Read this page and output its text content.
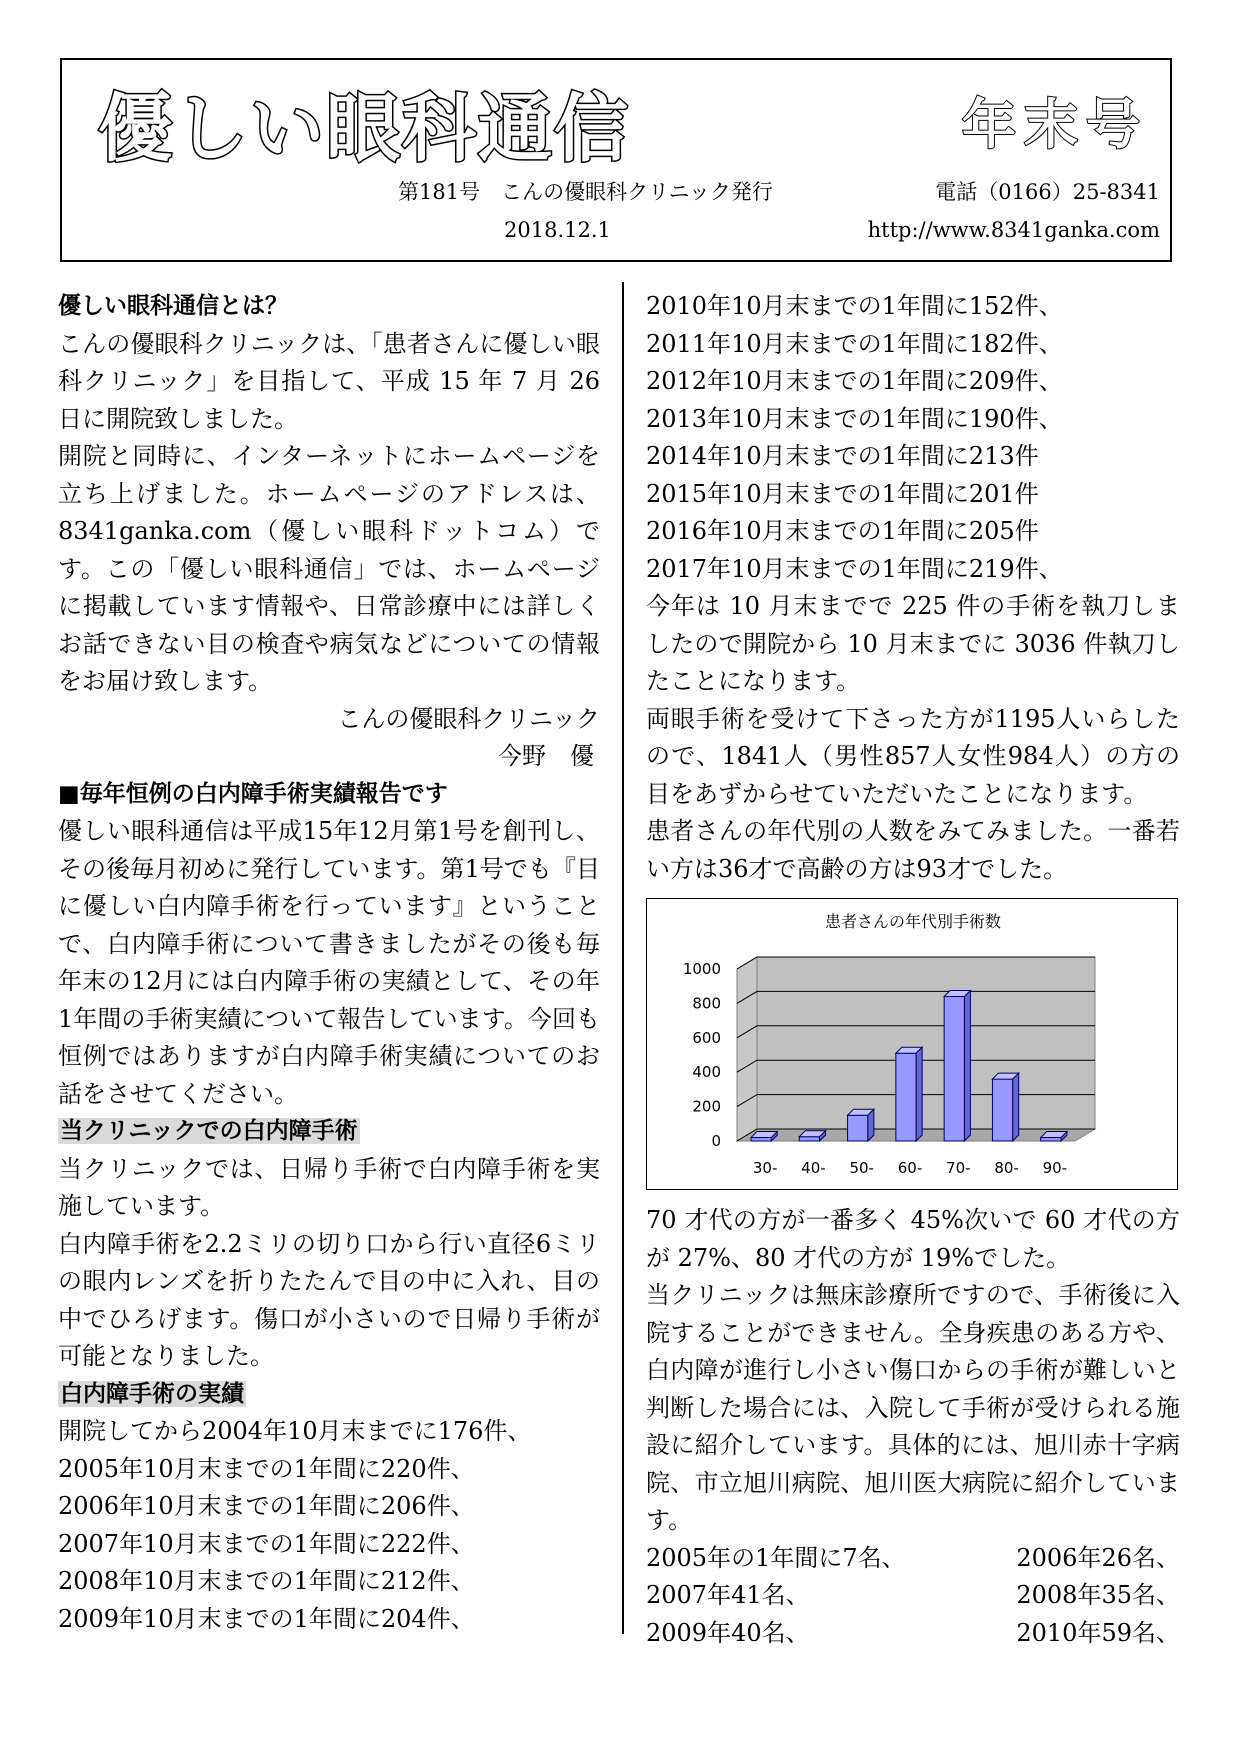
優しい眼科通信	年末号
第181号　こんの優眼科クリニック発行	電話（0166）25-8341
2018.12.1	http://www.8341ganka.com
優しい眼科通信とは？

こんの優眼科クリニックは、「患者さんに優しい眼科クリニック」を目指して、平成 15 年 7 月 26日に開院致しました。

開院と同時に、インターネットにホームページを立ち上げました。ホームページのアドレスは、8341ganka.com（優しい眼科ドットコム）です。この「優しい眼科通信」では、ホームページに掲載しています情報や、日常診療中には詳しくお話できない目の検査や病気などについての情報をお届け致します。

こんの優眼科クリニック

今野　優

■毎年恒例の白内障手術実績報告です

優しい眼科通信は平成15年12月第1号を創刊し、その後毎月初めに発行しています。第1号でも『目に優しい白内障手術を行っています』ということで、白内障手術について書きましたがその後も毎年末の12月には白内障手術の実績として、その年1年間の手術実績について報告しています。今回も恒例ではありますが白内障手術実績についてのお話をさせてください。

当クリニックでの白内障手術

当クリニックでは、日帰り手術で白内障手術を実施しています。

白内障手術を2.2ミリの切り口から行い直径6ミリの眼内レンズを折りたたんで目の中に入れ、目の中でひろげます。傷口が小さいので日帰り手術が可能となりました。

白内障手術の実績

開院してから2004年10月末までに176件、

2005年10月末までの1年間に220件、

2006年10月末までの1年間に206件、

2007年10月末までの1年間に222件、

2008年10月末までの1年間に212件、

2009年10月末までの1年間に204件、

2010年10月末までの1年間に152件、

2011年10月末までの1年間に182件、

2012年10月末までの1年間に209件、

2013年10月末までの1年間に190件、

2014年10月末までの1年間に213件

2015年10月末までの1年間に201件

2016年10月末までの1年間に205件

2017年10月末までの1年間に219件、

今年は 10 月末までで 225 件の手術を執刀しましたので開院から 10 月末までに 3036 件執刀したことになります。

両眼手術を受けて下さった方が1195人いらしたので、1841人（男性857人女性984人）の方の目をあずからせていただいたことになります。

患者さんの年代別の人数をみてみました。一番若い方は36才で高齢の方は93才でした。

患者さんの年代別手術数
0
200
400
600
800
1000
30- 40- 50- 60- 70- 80- 90-

70 才代の方が一番多く 45%次いで 60 才代の方が 27%、80 才代の方が 19%でした。

当クリニックは無床診療所ですので、手術後に入院することができません。全身疾患のある方や、白内障が進行し小さい傷口からの手術が難しいと判断した場合には、入院して手術が受けられる施設に紹介しています。具体的には、旭川赤十字病院、市立旭川病院、旭川医大病院に紹介しています。

2005年の1年間に7名、	2006年26名、
2007年41名、	2008年35名、
2009年40名、	2010年59名、
